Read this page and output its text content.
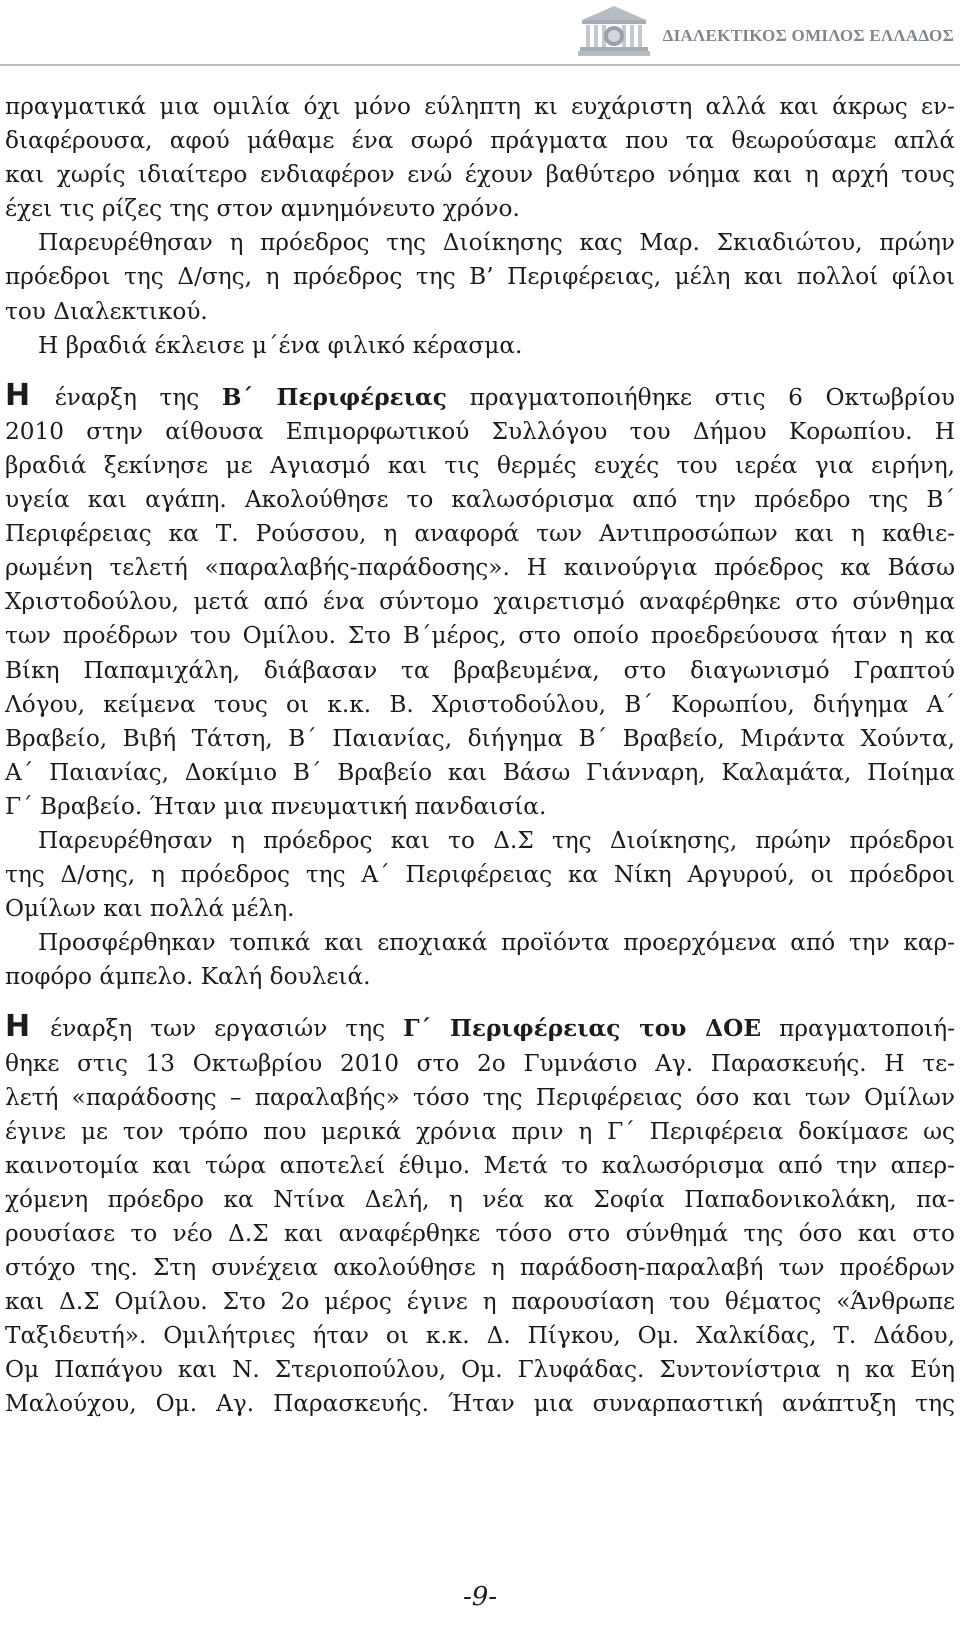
ΔΙΑΛΕΚΤΙΚΟΣ ΟΜΙΛΟΣ ΕΛΛΑΔΟΣ

πραγματικά μια ομιλία όχι μόνο εύληπτη κι ευχάριστη αλλά και άκρως εν-
διαφέρουσα, αφού μάθαμε ένα σωρό πράγματα που τα θεωρούσαμε απλά
και χωρίς ιδιαίτερο ενδιαφέρον ενώ έχουν βαθύτερο νόημα και η αρχή τους
έχει τις ρίζες της στον αμνημόνευτο χρόνο.

Παρευρέθησαν η πρόεδρος της Διοίκησης κας Μαρ. Σκιαδιώτου, πρώην
πρόεδροι της Δ/σης, η πρόεδρος της Β’ Περιφέρειας, μέλη και πολλοί φίλοι
του Διαλεκτικού.

Η βραδιά έκλεισε μ΄ένα φιλικό κέρασμα.

Η έναρξη της Β΄ Περιφέρειας πραγματοποιήθηκε στις 6 Οκτωβρίου
2010 στην αίθουσα Επιμορφωτικού Συλλόγου του Δήμου Κορωπίου. Η
βραδιά ξεκίνησε με Αγιασμό και τις θερμές ευχές του ιερέα για ειρήνη,
υγεία και αγάπη. Ακολούθησε το καλωσόρισμα από την πρόεδρο της Β΄
Περιφέρειας κα Τ. Ρούσσου, η αναφορά των Αντιπροσώπων και η καθιε-
ρωμένη τελετή «παραλαβής-παράδοσης». Η καινούργια πρόεδρος κα Βάσω
Χριστοδούλου, μετά από ένα σύντομο χαιρετισμό αναφέρθηκε στο σύνθημα
των προέδρων του Ομίλου. Στο Β΄μέρος, στο οποίο προεδρεύουσα ήταν η κα
Βίκη Παπαμιχάλη, διάβασαν τα βραβευμένα, στο διαγωνισμό Γραπτού
Λόγου, κείμενα τους οι κ.κ. Β. Χριστοδούλου, Β΄ Κορωπίου, διήγημα Α΄
Βραβείο, Βιβή Τάτση, Β΄ Παιανίας, διήγημα Β΄ Βραβείο, Μιράντα Χούντα,
Α΄ Παιανίας, Δοκίμιο Β΄ Βραβείο και Βάσω Γιάνναρη, Καλαμάτα, Ποίημα
Γ΄ Βραβείο. Ήταν μια πνευματική πανδαισία.

Παρευρέθησαν η πρόεδρος και το Δ.Σ της Διοίκησης, πρώην πρόεδροι
της Δ/σης, η πρόεδρος της Α΄ Περιφέρειας κα Νίκη Αργυρού, οι πρόεδροι
Ομίλων και πολλά μέλη.

Προσφέρθηκαν τοπικά και εποχιακά προϊόντα προερχόμενα από την καρ-
ποφόρο άμπελο. Καλή δουλειά.

Η έναρξη των εργασιών της Γ΄ Περιφέρειας του ΔΟΕ πραγματοποιή-
θηκε στις 13 Οκτωβρίου 2010 στο 2ο Γυμνάσιο Αγ. Παρασκευής. Η τε-
λετή «παράδοσης – παραλαβής» τόσο της Περιφέρειας όσο και των Ομίλων
έγινε με τον τρόπο που μερικά χρόνια πριν η Γ΄ Περιφέρεια δοκίμασε ως
καινοτομία και τώρα αποτελεί έθιμο. Μετά το καλωσόρισμα από την απερ-
χόμενη πρόεδρο κα Ντίνα Δελή, η νέα κα Σοφία Παπαδονικολάκη, πα-
ρουσίασε το νέο Δ.Σ και αναφέρθηκε τόσο στο σύνθημά της όσο και στο
στόχο της. Στη συνέχεια ακολούθησε η παράδοση-παραλαβή των προέδρων
και Δ.Σ Ομίλου. Στο 2ο μέρος έγινε η παρουσίαση του θέματος «Άνθρωπε
Ταξιδευτή». Ομιλήτριες ήταν οι κ.κ. Δ. Πίγκου, Ομ. Χαλκίδας, Τ. Δάδου,
Ομ Παπάγου και Ν. Στεριοπούλου, Ομ. Γλυφάδας. Συντονίστρια η κα Εύη
Μαλούχου, Ομ. Αγ. Παρασκευής. Ήταν μια συναρπαστική ανάπτυξη της

-9-
